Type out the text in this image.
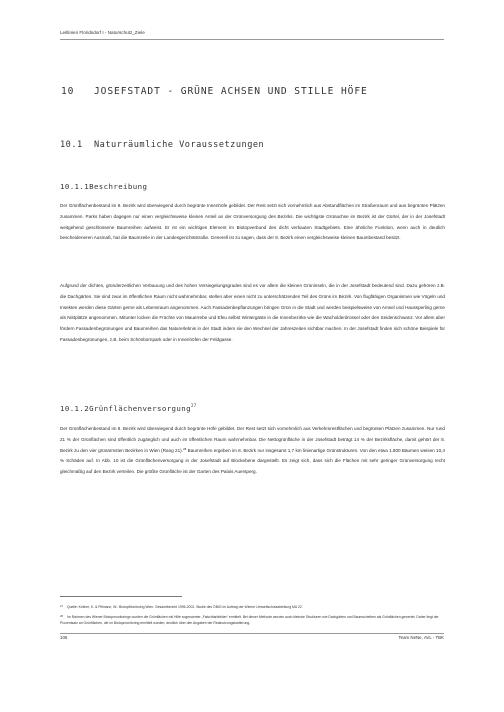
Leitlinien Floridsdorf I - Naturschutz_Ziele
10 JOSEFSTADT - GRÜNE ACHSEN UND STILLE HÖFE
10.1 Naturräumliche Voraussetzungen
10.1.1Beschreibung

Der Grünflächenbestand im 8. Bezirk wird überwiegend durch begrünte Innenhöfe gebildet. Der Rest setzt sich vornehmlich aus Abstandflächen im Straßenraum und aus begrünten Plätzen zusammen. Parks haben dagegen nur einen vergleichsweise kleinen Anteil an der Grünversorgung des Bezirks. Die wichtigste Grünachse im Bezirk ist der Gürtel, der in der Josefstadt weitgehend geschlossene Baumreihen aufweist. Er ist ein wichtiges Element im Biotopverbund des dicht verbauten Stadtgebiets. Eine ähnliche Funktion, wenn auch in deutlich bescheideneren Ausmaß, hat die Baumzeile in der Landesgerichtsstraße. Generell ist zu sagen, dass der 8. Bezirk einen vergleichsweise kleinen Baumbestand besitzt.

Aufgrund der dichten, gründerzeitlichen Verbauung und des hohen Versiegelungsgrades sind es vor allem die kleinen Grüninseln, die in der Josefstadt bedeutend sind. Dazu gehören z.B. die Dachgärten. Sie sind zwar im öffentlichen Raum nicht wahrnehmbar, stellen aber einen nicht zu unterschätzenden Teil des Grüns im Bezirk. Von flugfähigen Organismen wie Vögeln und Insekten werden diese Gärten gerne als Lebensraum angenommen. Auch Fassadenbepflanzungen bringen Grün in die Stadt und werden beispielsweise von Amsel und Haussperling gerne als Nistplätze angenommen. Mitunter locken die Früchte von Mauerrebe und Efeu selbst Wintergäste in die Innenbezirke wie die Wacholderdrossel oder den Seidenschwanz. Vor allem aber fördern Fassadenbegrünungen und Baumreihen das Naturerlebnis in der Stadt indem sie den Wechsel der Jahreszeiten sichtbar machen. In der Josefstadt finden sich schöne Beispiele für Fassadenbegrünungen, z.B. beim Schönbornpark oder in Innenhöfen der Feldgasse.

10.1.2Grünflächenversorgung$^{27}$

Der Grünflächenbestand im 8. Bezirk wird überwiegend durch begrünte Höfe gebildet. Der Rest setzt sich vornehmlich aus Verkehrsrestflächen und begrünten Plätzen zusammen. Nur rund 21 % der Grünflächen sind öffentlich zugänglich und auch im öffentlichen Raum wahrnehmbar. Die Nettogrünfläche in der Josefstadt beträgt 14 % der Bezirksfläche, damit gehört der 8. Bezirk zu den vier grünärmsten Bezirken in Wien (Rang 21).$^{28}$ Baumreihen ergeben im 8. Bezirk nur insgesamt 1,7 km linienartige Grünstrukturen. Von den etwa 1.800 Bäumen weisen 10,4 % Schäden auf. In Abb. 10 ist die Grünflächenversorgung in der Josefstadt auf Blockebene dargestellt. Es zeigt sich, dass sich die Flächen mit sehr geringer Grünversorgung recht gleichmäßig auf den Bezirk verteilen. Die größte Grünfläche ist der Garten des Palais Auersperg.

$^{27}$ Quelle: Kellner, K. & Pillmann, W.: BiotopMonitoring Wien. Gesamtbericht 1996-2002. Studie des ÖBIG im Auftrag der Wiener Umweltschutzabteilung MA 22.

$^{28}$ Im Rahmen des Wiener Biotopmonitorings wurden die Grünflächen mit Hilfe sogenannter „Falschfarbbilder“ ermittelt. Bei dieser Methode wurden auch kleinste Strukturen wie Dachgärten und Baumscheiben als Grünflächen gewertet. Daher liegt der Prozentsatz an Grünflächen, die im Biotopmonitoring ermittelt wurden, deutlich über den Angaben der Realnutzungskartierung.

106	Team NeNe, AVL - TBK
